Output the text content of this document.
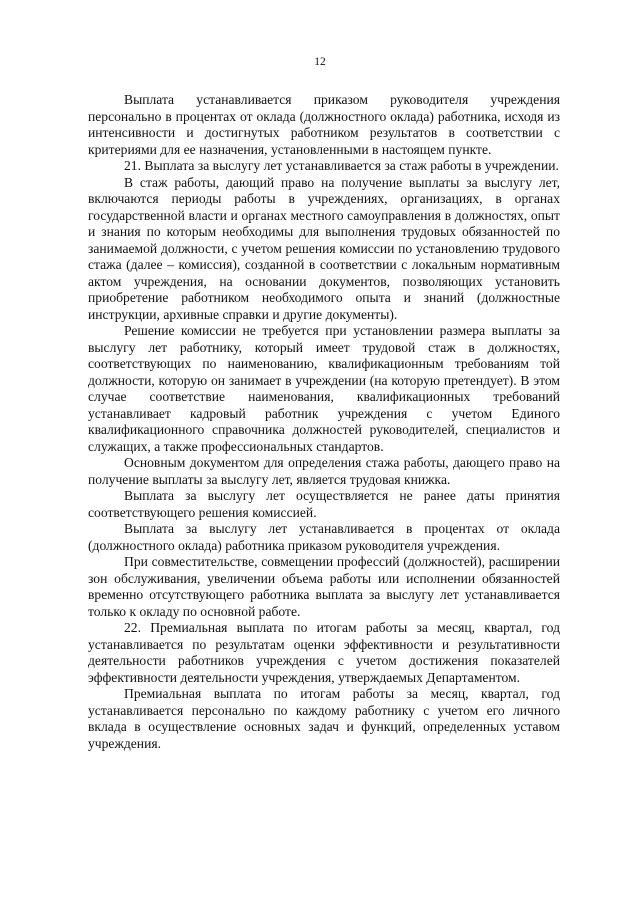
12

Выплата устанавливается приказом руководителя учреждения персонально в процентах от оклада (должностного оклада) работника, исходя из интенсивности и достигнутых работником результатов в соответствии с критериями для ее назначения, установленными в настоящем пункте.

21. Выплата за выслугу лет устанавливается за стаж работы в учреждении.

В стаж работы, дающий право на получение выплаты за выслугу лет, включаются периоды работы в учреждениях, организациях, в органах государственной власти и органах местного самоуправления в должностях, опыт и знания по которым необходимы для выполнения трудовых обязанностей по занимаемой должности, с учетом решения комиссии по установлению трудового стажа (далее – комиссия), созданной в соответствии с локальным нормативным актом учреждения, на основании документов, позволяющих установить приобретение работником необходимого опыта и знаний (должностные инструкции, архивные справки и другие документы).

Решение комиссии не требуется при установлении размера выплаты за выслугу лет работнику, который имеет трудовой стаж в должностях, соответствующих по наименованию, квалификационным требованиям той должности, которую он занимает в учреждении (на которую претендует). В этом случае соответствие наименования, квалификационных требований устанавливает кадровый работник учреждения с учетом Единого квалификационного справочника должностей руководителей, специалистов и служащих, а также профессиональных стандартов.

Основным документом для определения стажа работы, дающего право на получение выплаты за выслугу лет, является трудовая книжка.

Выплата за выслугу лет осуществляется не ранее даты принятия соответствующего решения комиссией.

Выплата за выслугу лет устанавливается в процентах от оклада (должностного оклада) работника приказом руководителя учреждения.

При совместительстве, совмещении профессий (должностей), расширении зон обслуживания, увеличении объема работы или исполнении обязанностей временно отсутствующего работника выплата за выслугу лет устанавливается только к окладу по основной работе.

22. Премиальная выплата по итогам работы за месяц, квартал, год устанавливается по результатам оценки эффективности и результативности деятельности работников учреждения с учетом достижения показателей эффективности деятельности учреждения, утверждаемых Департаментом.

Премиальная выплата по итогам работы за месяц, квартал, год устанавливается персонально по каждому работнику с учетом его личного вклада в осуществление основных задач и функций, определенных уставом учреждения.
